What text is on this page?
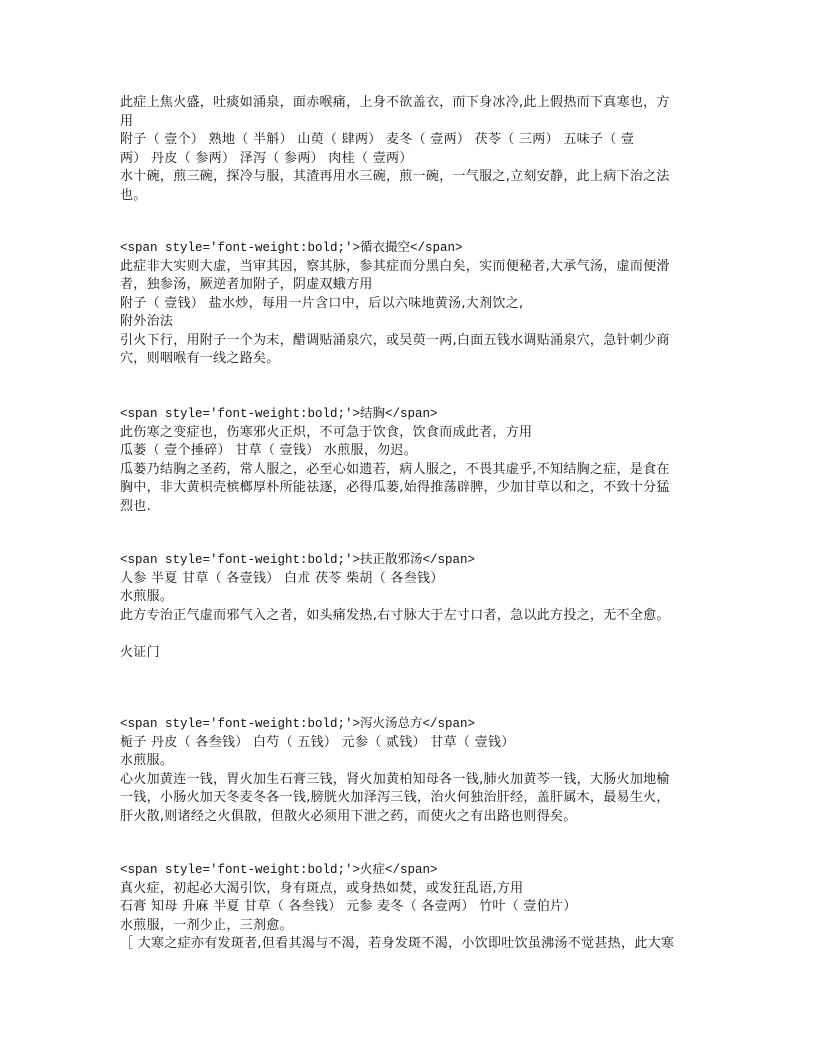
此症上焦火盛，吐痰如涌泉，面赤喉痛，上身不欲盖衣，而下身冰冷,此上假热而下真寒也，方
用
附子（ 壹个） 熟地（ 半斛） 山萸（ 肆两） 麦冬（ 壹两） 茯苓（ 三两） 五味子（ 壹
两） 丹皮（ 参两） 泽泻（ 参两） 肉桂（ 壹两）
水十碗，煎三碗，探冷与服，其渣再用水三碗，煎一碗，一气服之,立刻安静，此上病下治之法
也。
<span style='font-weight:bold;'>循衣撮空</span>
此症非大实则大虚，当审其因，察其脉，参其症而分黑白矣，实而便秘者,大承气汤，虚而便滑
者，独参汤，厥逆者加附子，阴虚双蛾方用
附子（ 壹钱） 盐水炒，每用一片含口中，后以六味地黄汤,大剂饮之,
附外治法
引火下行，用附子一个为末，醋调贴涌泉穴，或吴萸一两,白面五钱水调贴涌泉穴，急针刺少商
穴，则咽喉有一线之路矣。
<span style='font-weight:bold;'>结胸</span>
此伤寒之变症也，伤寒邪火正炽，不可急于饮食，饮食而成此者，方用
瓜蒌（ 壹个捶碎） 甘草（ 壹钱） 水煎服，勿迟。
瓜蒌乃结胸之圣药，常人服之，必至心如遗若，病人服之，不畏其虚乎,不知结胸之症，是食在
胸中，非大黄枳壳槟榔厚朴所能祛逐，必得瓜蒌,始得推荡辟脾，少加甘草以和之，不致十分猛
烈也.
<span style='font-weight:bold;'>扶正散邪汤</span>
人参 半夏 甘草（ 各壹钱） 白朮 茯苓 柴胡（ 各叁钱）
水煎服。
此方专治正气虚而邪气入之者，如头痛发热,右寸脉大于左寸口者，急以此方投之，无不全愈。
火证门
<span style='font-weight:bold;'>泻火汤总方</span>
栀子 丹皮（ 各叁钱） 白芍（ 五钱） 元参（ 贰钱） 甘草（ 壹钱）
水煎服。
心火加黄连一钱，胃火加生石膏三钱，肾火加黄柏知母各一钱,肺火加黄芩一钱，大肠火加地榆
一钱，小肠火加天冬麦冬各一钱,膀胱火加泽泻三钱，治火何独治肝经，盖肝属木，最易生火，
肝火散,则诸经之火俱散，但散火必须用下泄之药，而使火之有出路也则得矣。
<span style='font-weight:bold;'>火症</span>
真火症，初起必大渴引饮，身有斑点，或身热如焚，或发狂乱语,方用
石膏 知母 升麻 半夏 甘草（ 各叁钱） 元参 麦冬（ 各壹两） 竹叶（ 壹伯片）
水煎服，一剂少止，三剂愈。
［ 大寒之症亦有发斑者,但看其渴与不渴，若身发斑不渴，小饮即吐饮虽沸汤不觉甚热，此大寒
